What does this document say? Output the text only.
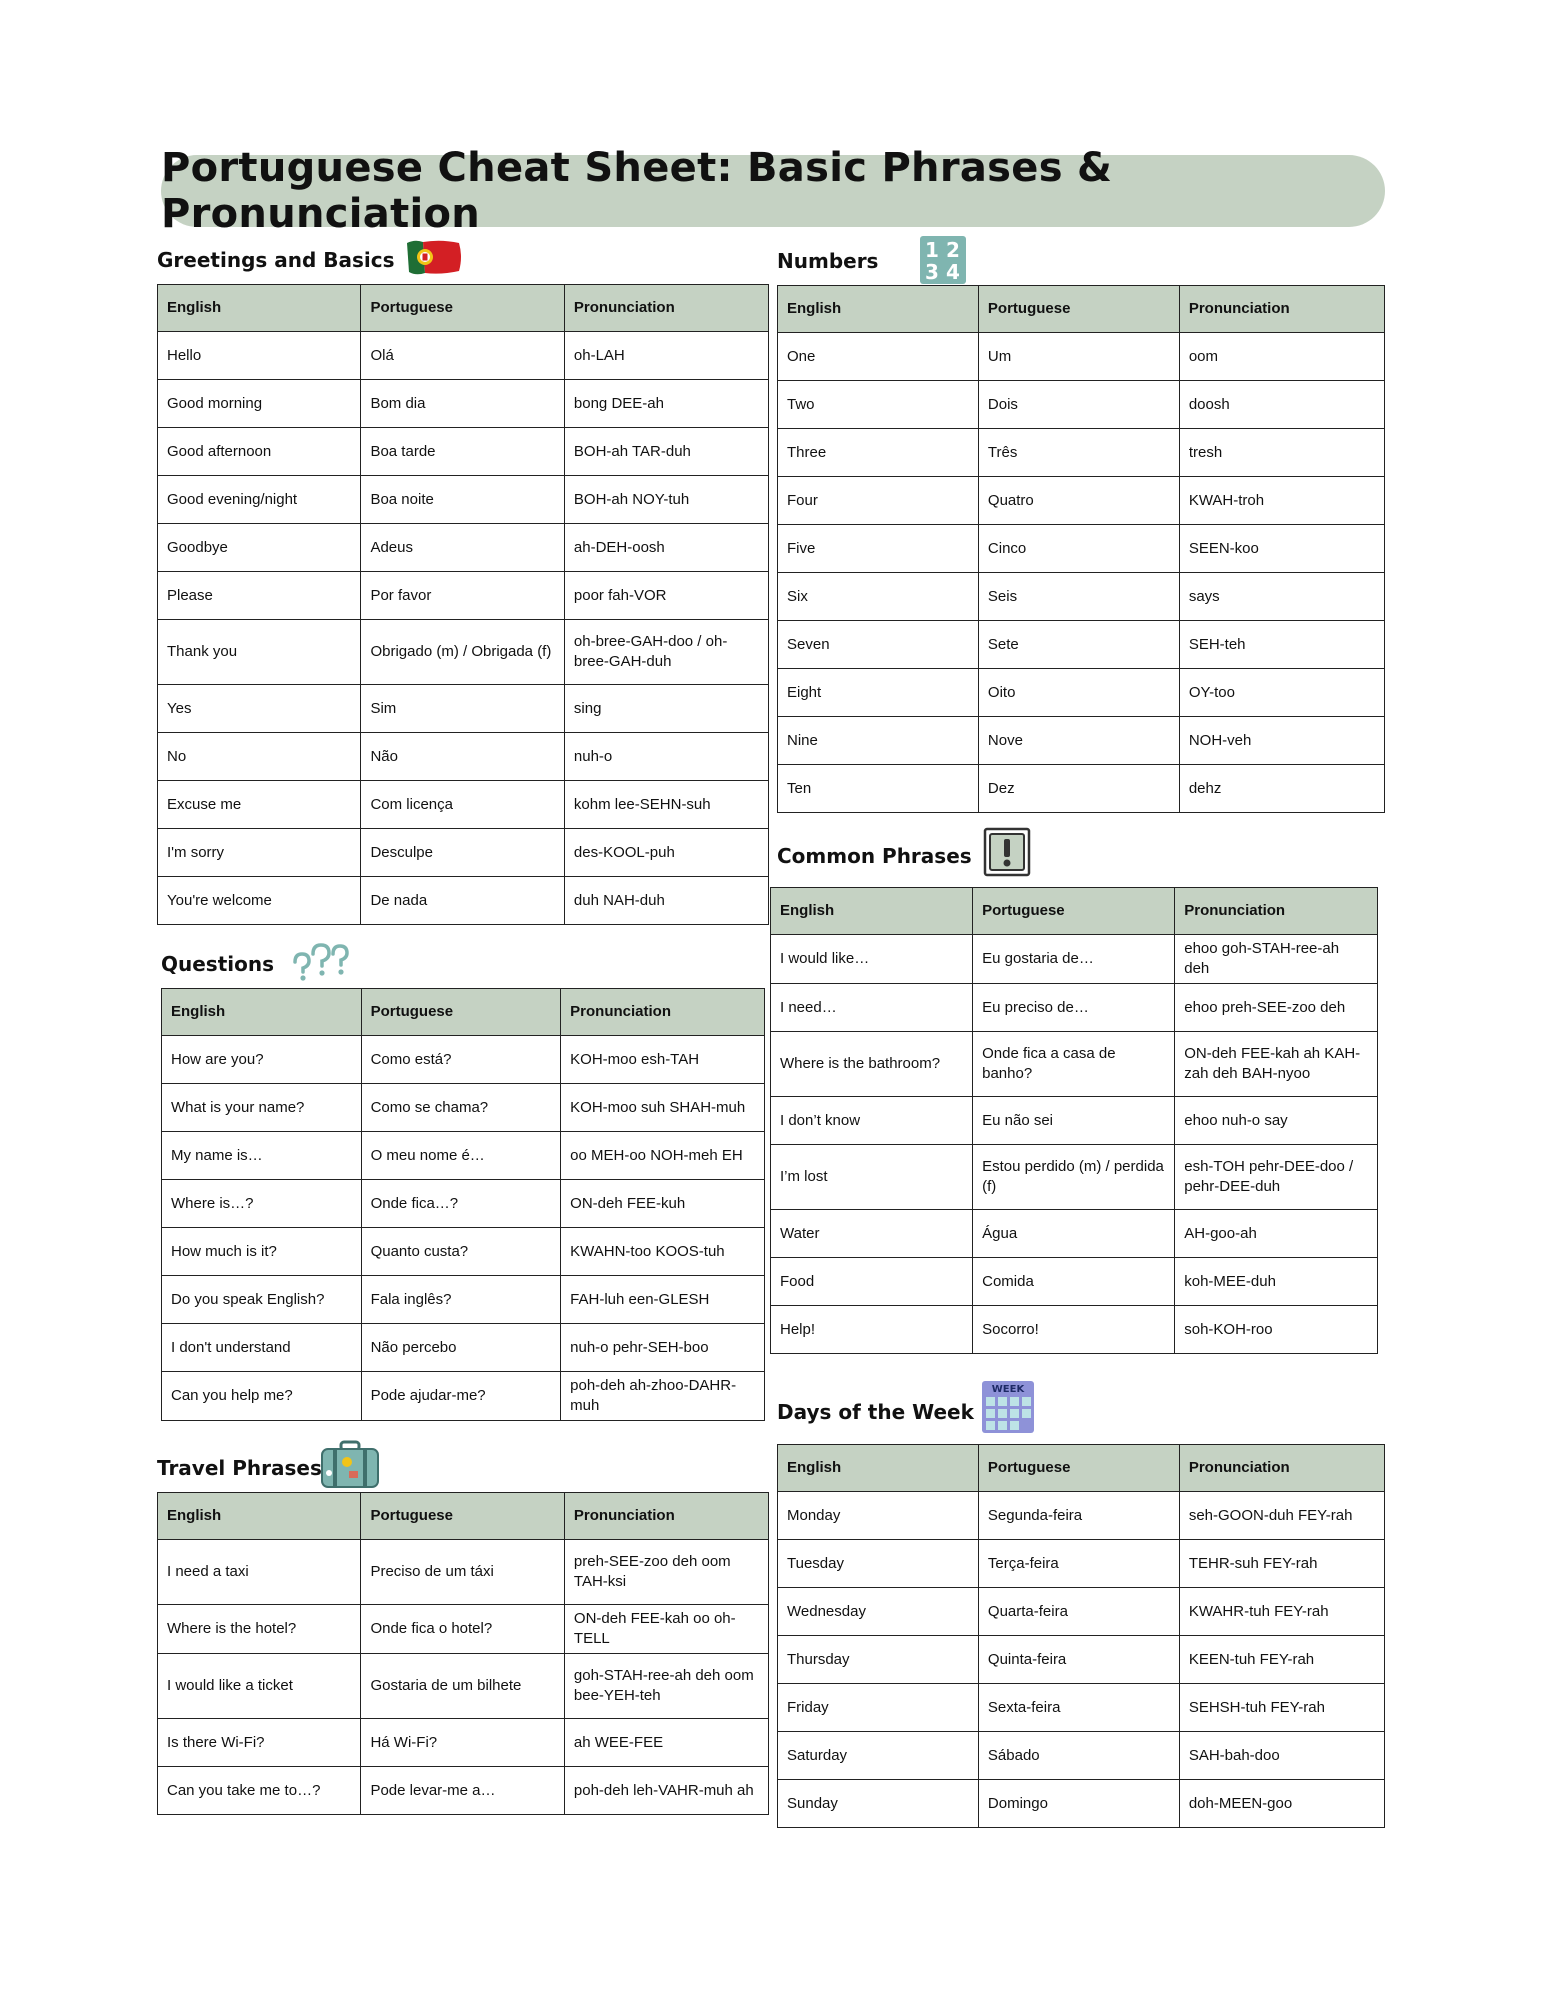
Portuguese Cheat Sheet: Basic Phrases & Pronunciation
Greetings and Basics
English	Portuguese	Pronunciation
Hello	Olá	oh-LAH
Good morning	Bom dia	bong DEE-ah
Good afternoon	Boa tarde	BOH-ah TAR-duh
Good evening/night	Boa noite	BOH-ah NOY-tuh
Goodbye	Adeus	ah-DEH-oosh
Please	Por favor	poor fah-VOR
Thank you	Obrigado (m) / Obrigada (f)	oh-bree-GAH-doo / oh-bree-GAH-duh
Yes	Sim	sing
No	Não	nuh-o
Excuse me	Com licença	kohm lee-SEHN-suh
I'm sorry	Desculpe	des-KOOL-puh
You're welcome	De nada	duh NAH-duh
Questions
English	Portuguese	Pronunciation
How are you?	Como está?	KOH-moo esh-TAH
What is your name?	Como se chama?	KOH-moo suh SHAH-muh
My name is…	O meu nome é…	oo MEH-oo NOH-meh EH
Where is…?	Onde fica…?	ON-deh FEE-kuh
How much is it?	Quanto custa?	KWAHN-too KOOS-tuh
Do you speak English?	Fala inglês?	FAH-luh een-GLESH
I don't understand	Não percebo	nuh-o pehr-SEH-boo
Can you help me?	Pode ajudar-me?	poh-deh ah-zhoo-DAHR-muh
Travel Phrases
English	Portuguese	Pronunciation
I need a taxi	Preciso de um táxi	preh-SEE-zoo deh oom TAH-ksi
Where is the hotel?	Onde fica o hotel?	ON-deh FEE-kah oo oh-TELL
I would like a ticket	Gostaria de um bilhete	goh-STAH-ree-ah deh oom bee-YEH-teh
Is there Wi-Fi?	Há Wi-Fi?	ah WEE-FEE
Can you take me to…?	Pode levar-me a…	poh-deh leh-VAHR-muh ah
Numbers 1 2
3 4
English	Portuguese	Pronunciation
One	Um	oom
Two	Dois	doosh
Three	Três	tresh
Four	Quatro	KWAH-troh
Five	Cinco	SEEN-koo
Six	Seis	says
Seven	Sete	SEH-teh
Eight	Oito	OY-too
Nine	Nove	NOH-veh
Ten	Dez	dehz
Common Phrases
English	Portuguese	Pronunciation
I would like…	Eu gostaria de…	ehoo goh-STAH-ree-ah deh
I need…	Eu preciso de…	ehoo preh-SEE-zoo deh
Where is the bathroom?	Onde fica a casa de banho?	ON-deh FEE-kah ah KAH-zah deh BAH-nyoo
I don’t know	Eu não sei	ehoo nuh-o say
I’m lost	Estou perdido (m) / perdida (f)	esh-TOH pehr-DEE-doo / pehr-DEE-duh
Water	Água	AH-goo-ah
Food	Comida	koh-MEE-duh
Help!	Socorro!	soh-KOH-roo
Days of the Week
WEEK
English	Portuguese	Pronunciation
Monday	Segunda-feira	seh-GOON-duh FEY-rah
Tuesday	Terça-feira	TEHR-suh FEY-rah
Wednesday	Quarta-feira	KWAHR-tuh FEY-rah
Thursday	Quinta-feira	KEEN-tuh FEY-rah
Friday	Sexta-feira	SEHSH-tuh FEY-rah
Saturday	Sábado	SAH-bah-doo
Sunday	Domingo	doh-MEEN-goo
